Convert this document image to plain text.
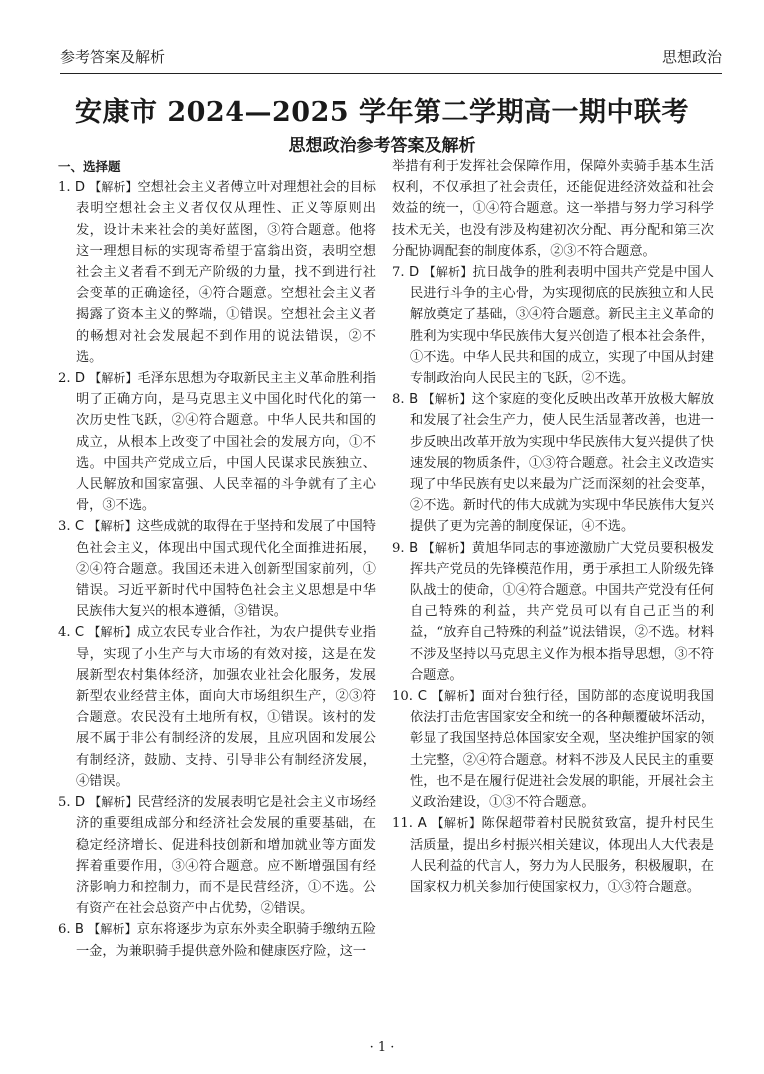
参考答案及解析	思想政治
安康市 2024—2025 学年第二学期高一期中联考
思想政治参考答案及解析
一、选择题
1. D 【解析】空想社会主义者傅立叶对理想社会的目标表明空想社会主义者仅仅从理性、正义等原则出发，设计未来社会的美好蓝图，③符合题意。他将这一理想目标的实现寄希望于富翁出资，表明空想社会主义者看不到无产阶级的力量，找不到进行社会变革的正确途径，④符合题意。空想社会主义者揭露了资本主义的弊端，①错误。空想社会主义者的畅想对社会发展起不到作用的说法错误，②不选。
2. D 【解析】毛泽东思想为夺取新民主主义革命胜利指明了正确方向，是马克思主义中国化时代化的第一次历史性飞跃，②④符合题意。中华人民共和国的成立，从根本上改变了中国社会的发展方向，①不选。中国共产党成立后，中国人民谋求民族独立、人民解放和国家富强、人民幸福的斗争就有了主心骨，③不选。
3. C 【解析】这些成就的取得在于坚持和发展了中国特色社会主义，体现出中国式现代化全面推进拓展，②④符合题意。我国还未进入创新型国家前列，①错误。习近平新时代中国特色社会主义思想是中华民族伟大复兴的根本遵循，③错误。
4. C 【解析】成立农民专业合作社，为农户提供专业指导，实现了小生产与大市场的有效对接，这是在发展新型农村集体经济，加强农业社会化服务，发展新型农业经营主体，面向大市场组织生产，②③符合题意。农民没有土地所有权，①错误。该村的发展不属于非公有制经济的发展，且应巩固和发展公有制经济，鼓励、支持、引导非公有制经济发展，④错误。
5. D 【解析】民营经济的发展表明它是社会主义市场经济的重要组成部分和经济社会发展的重要基础，在稳定经济增长、促进科技创新和增加就业等方面发挥着重要作用，③④符合题意。应不断增强国有经济影响力和控制力，而不是民营经济，①不选。公有资产在社会总资产中占优势，②错误。
6. B 【解析】京东将逐步为京东外卖全职骑手缴纳五险一金，为兼职骑手提供意外险和健康医疗险，这一
举措有利于发挥社会保障作用，保障外卖骑手基本生活权利，不仅承担了社会责任，还能促进经济效益和社会效益的统一，①④符合题意。这一举措与努力学习科学技术无关，也没有涉及构建初次分配、再分配和第三次分配协调配套的制度体系，②③不符合题意。
7. D 【解析】抗日战争的胜利表明中国共产党是中国人民进行斗争的主心骨，为实现彻底的民族独立和人民解放奠定了基础，③④符合题意。新民主主义革命的胜利为实现中华民族伟大复兴创造了根本社会条件，①不选。中华人民共和国的成立，实现了中国从封建专制政治向人民民主的飞跃，②不选。
8. B 【解析】这个家庭的变化反映出改革开放极大解放和发展了社会生产力，使人民生活显著改善，也进一步反映出改革开放为实现中华民族伟大复兴提供了快速发展的物质条件，①③符合题意。社会主义改造实现了中华民族有史以来最为广泛而深刻的社会变革，②不选。新时代的伟大成就为实现中华民族伟大复兴提供了更为完善的制度保证，④不选。
9. B 【解析】黄旭华同志的事迹激励广大党员要积极发挥共产党员的先锋模范作用，勇于承担工人阶级先锋队战士的使命，①④符合题意。中国共产党没有任何自己特殊的利益，共产党员可以有自己正当的利益，“放弃自己特殊的利益”说法错误，②不选。材料不涉及坚持以马克思主义作为根本指导思想，③不符合题意。
10. C 【解析】面对台独行径，国防部的态度说明我国依法打击危害国家安全和统一的各种颠覆破坏活动，彰显了我国坚持总体国家安全观，坚决维护国家的领土完整，②④符合题意。材料不涉及人民民主的重要性，也不是在履行促进社会发展的职能，开展社会主义政治建设，①③不符合题意。
11. A 【解析】陈保超带着村民脱贫致富，提升村民生活质量，提出乡村振兴相关建议，体现出人大代表是人民利益的代言人，努力为人民服务，积极履职，在国家权力机关参加行使国家权力，①③符合题意。
· 1 ·
